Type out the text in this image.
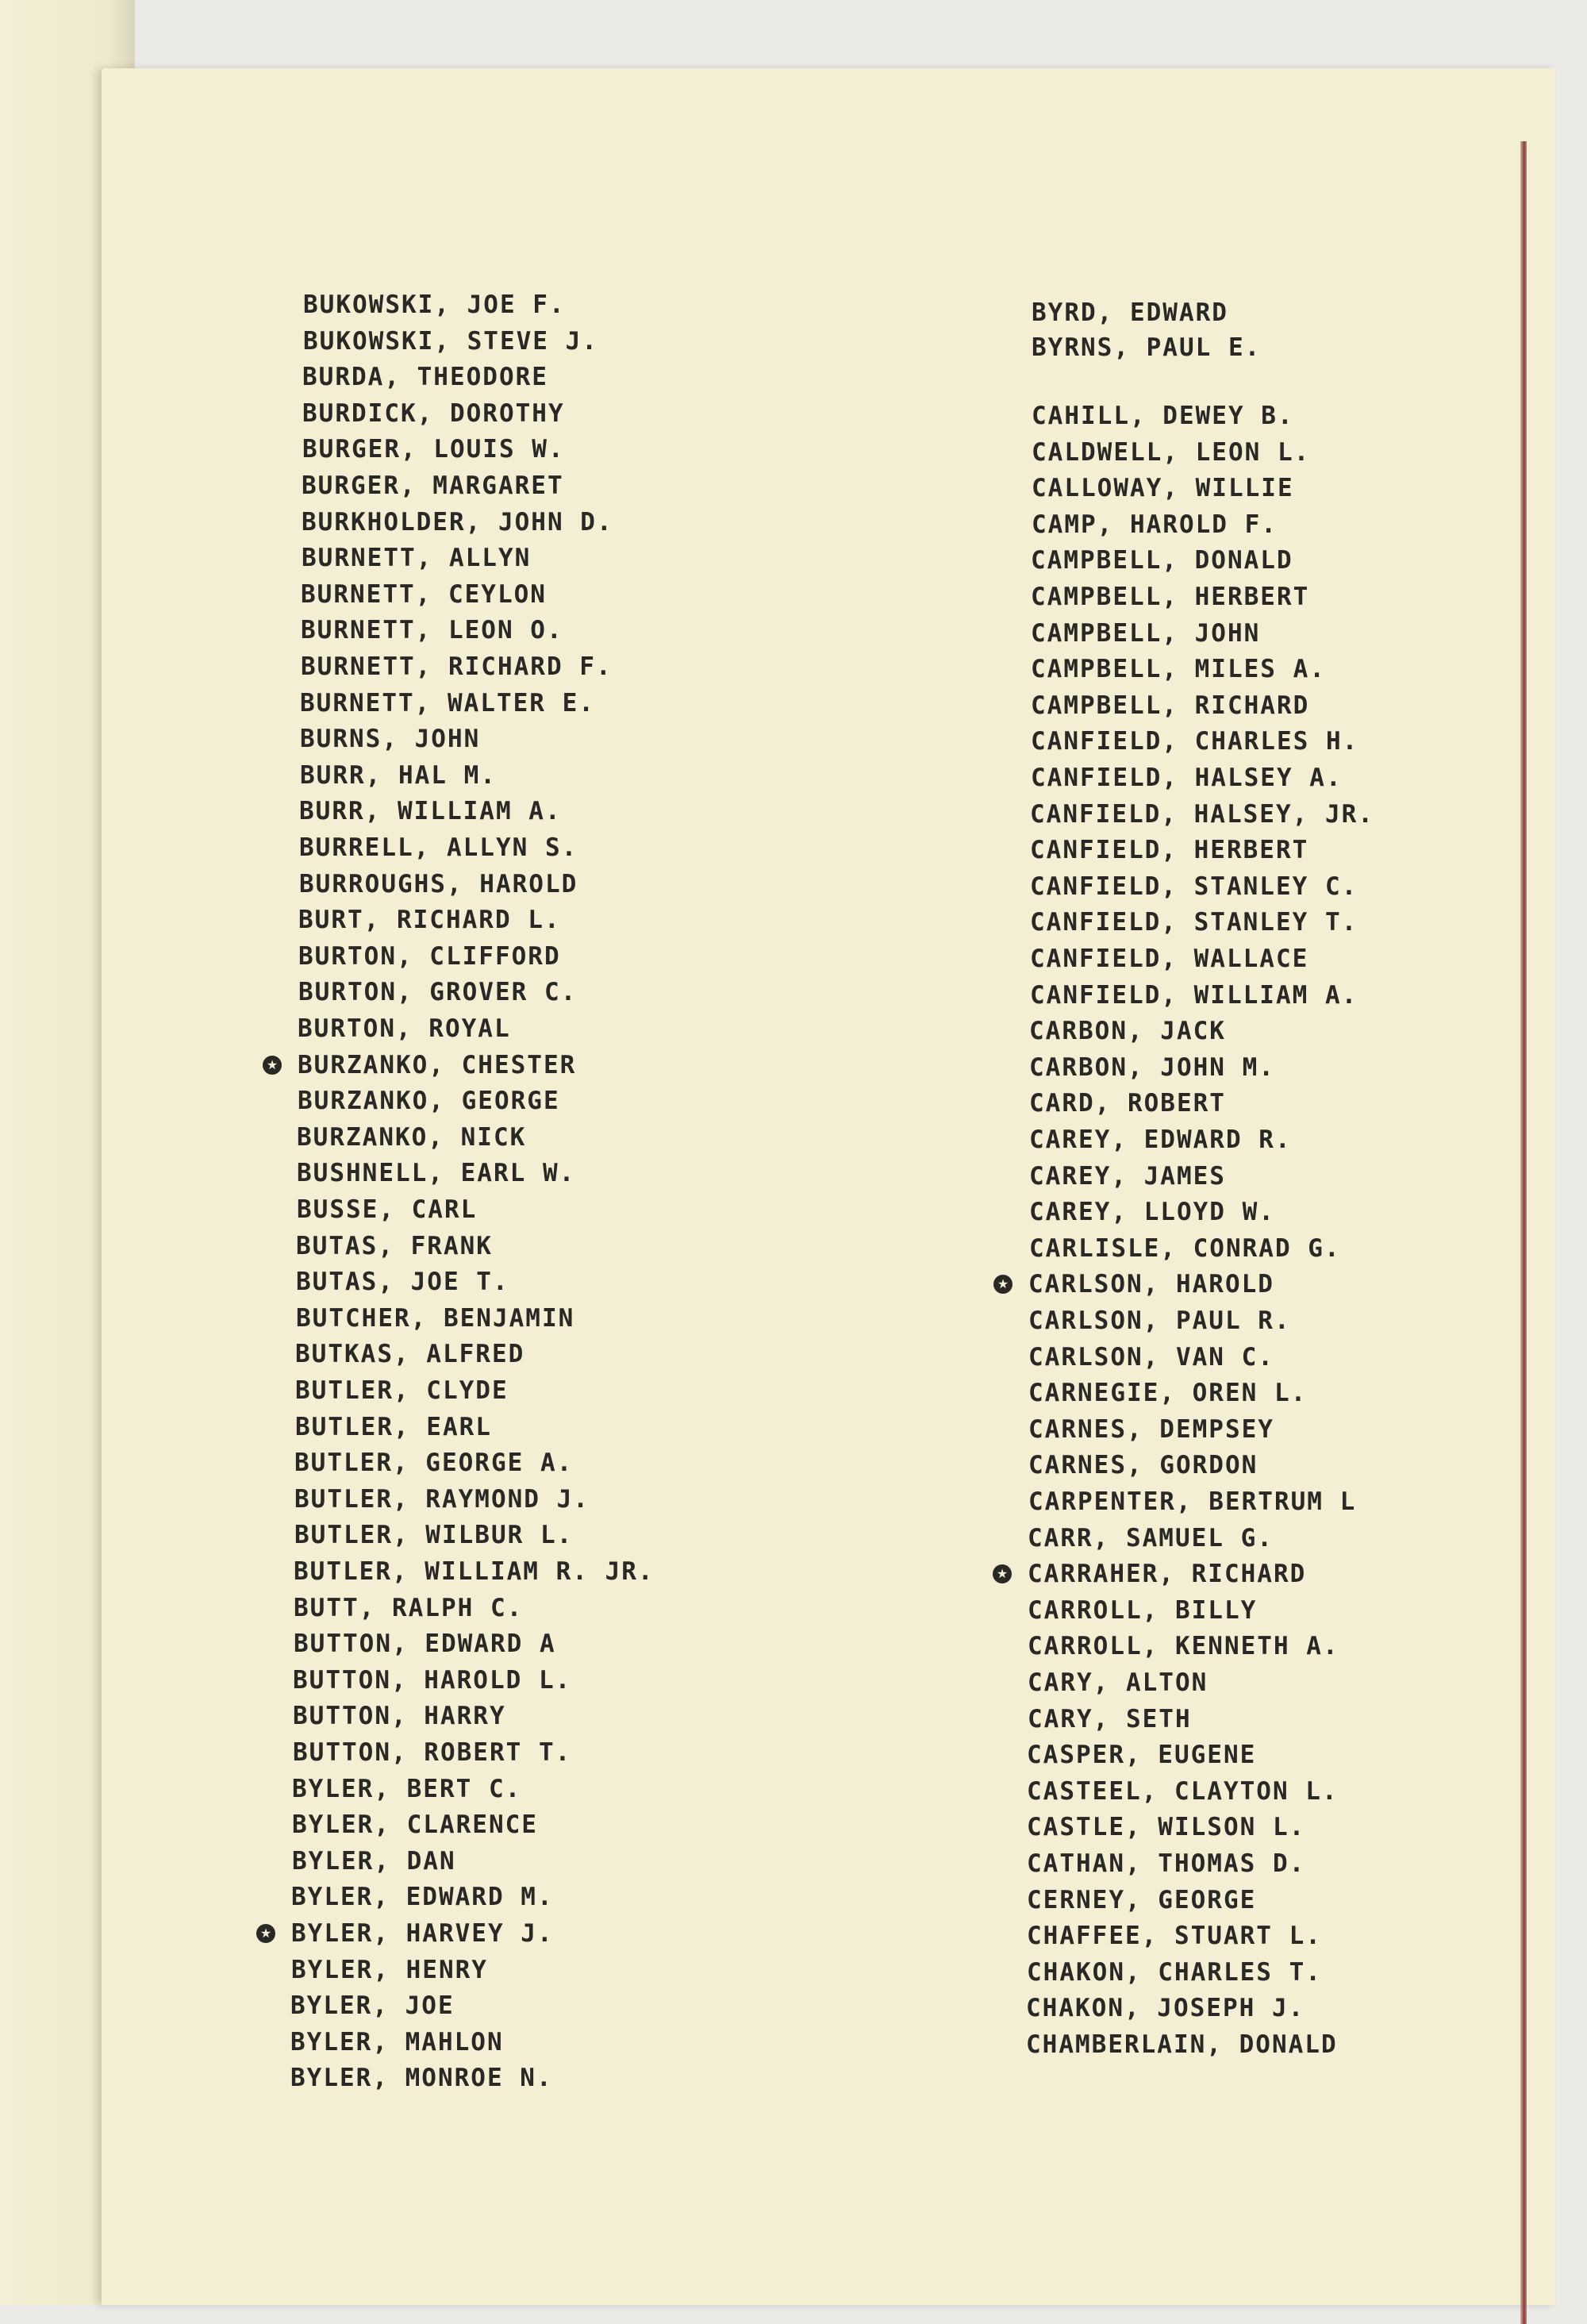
BUKOWSKI, JOE F.
BUKOWSKI, STEVE J.
BURDA, THEODORE
BURDICK, DOROTHY
BURGER, LOUIS W.
BURGER, MARGARET
BURKHOLDER, JOHN D.
BURNETT, ALLYN
BURNETT, CEYLON
BURNETT, LEON O.
BURNETT, RICHARD F.
BURNETT, WALTER E.
BURNS, JOHN
BURR, HAL M.
BURR, WILLIAM A.
BURRELL, ALLYN S.
BURROUGHS, HAROLD
BURT, RICHARD L.
BURTON, CLIFFORD
BURTON, GROVER C.
BURTON, ROYAL
BURZANKO, CHESTER
★
BURZANKO, GEORGE
BURZANKO, NICK
BUSHNELL, EARL W.
BUSSE, CARL
BUTAS, FRANK
BUTAS, JOE T.
BUTCHER, BENJAMIN
BUTKAS, ALFRED
BUTLER, CLYDE
BUTLER, EARL
BUTLER, GEORGE A.
BUTLER, RAYMOND J.
BUTLER, WILBUR L.
BUTLER, WILLIAM R. JR.
BUTT, RALPH C.
BUTTON, EDWARD A
BUTTON, HAROLD L.
BUTTON, HARRY
BUTTON, ROBERT T.
BYLER, BERT C.
BYLER, CLARENCE
BYLER, DAN
BYLER, EDWARD M.
BYLER, HARVEY J.
★
BYLER, HENRY
BYLER, JOE
BYLER, MAHLON
BYLER, MONROE N.
BYRD, EDWARD
BYRNS, PAUL E.
CAHILL, DEWEY B.
CALDWELL, LEON L.
CALLOWAY, WILLIE
CAMP, HAROLD F.
CAMPBELL, DONALD
CAMPBELL, HERBERT
CAMPBELL, JOHN
CAMPBELL, MILES A.
CAMPBELL, RICHARD
CANFIELD, CHARLES H.
CANFIELD, HALSEY A.
CANFIELD, HALSEY, JR.
CANFIELD, HERBERT
CANFIELD, STANLEY C.
CANFIELD, STANLEY T.
CANFIELD, WALLACE
CANFIELD, WILLIAM A.
CARBON, JACK
CARBON, JOHN M.
CARD, ROBERT
CAREY, EDWARD R.
CAREY, JAMES
CAREY, LLOYD W.
CARLISLE, CONRAD G.
CARLSON, HAROLD
★
CARLSON, PAUL R.
CARLSON, VAN C.
CARNEGIE, OREN L.
CARNES, DEMPSEY
CARNES, GORDON
CARPENTER, BERTRUM L
CARR, SAMUEL G.
CARRAHER, RICHARD
★
CARROLL, BILLY
CARROLL, KENNETH A.
CARY, ALTON
CARY, SETH
CASPER, EUGENE
CASTEEL, CLAYTON L.
CASTLE, WILSON L.
CATHAN, THOMAS D.
CERNEY, GEORGE
CHAFFEE, STUART L.
CHAKON, CHARLES T.
CHAKON, JOSEPH J.
CHAMBERLAIN, DONALD
